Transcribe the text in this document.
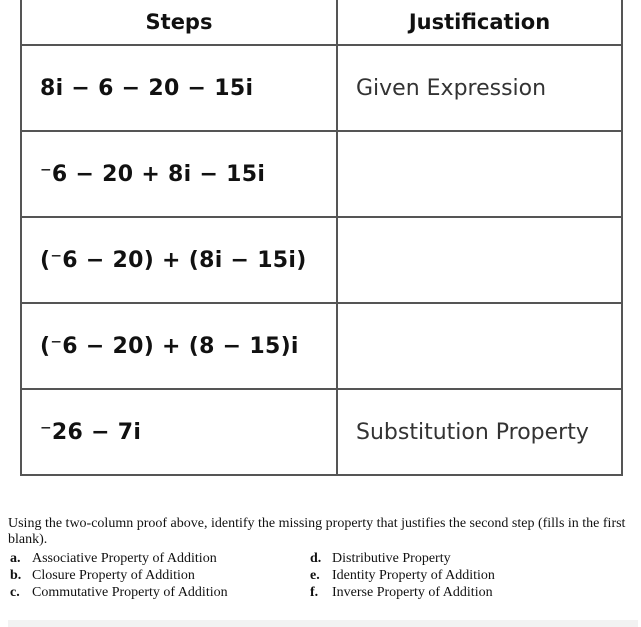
Steps	Justification
8i − 6 − 20 − 15i	Given Expression
⁻6 − 20 + 8i − 15i	
(⁻6 − 20) + (8i − 15i)	
(⁻6 − 20) + (8 − 15)i	
⁻26 − 7i	Substitution Property
Using the two-column proof above, identify the missing property that justifies the second step (fills in the first blank).
a. Associative Property of Addition
b. Closure Property of Addition
c. Commutative Property of Addition
d. Distributive Property
e. Identity Property of Addition
f. Inverse Property of Addition
